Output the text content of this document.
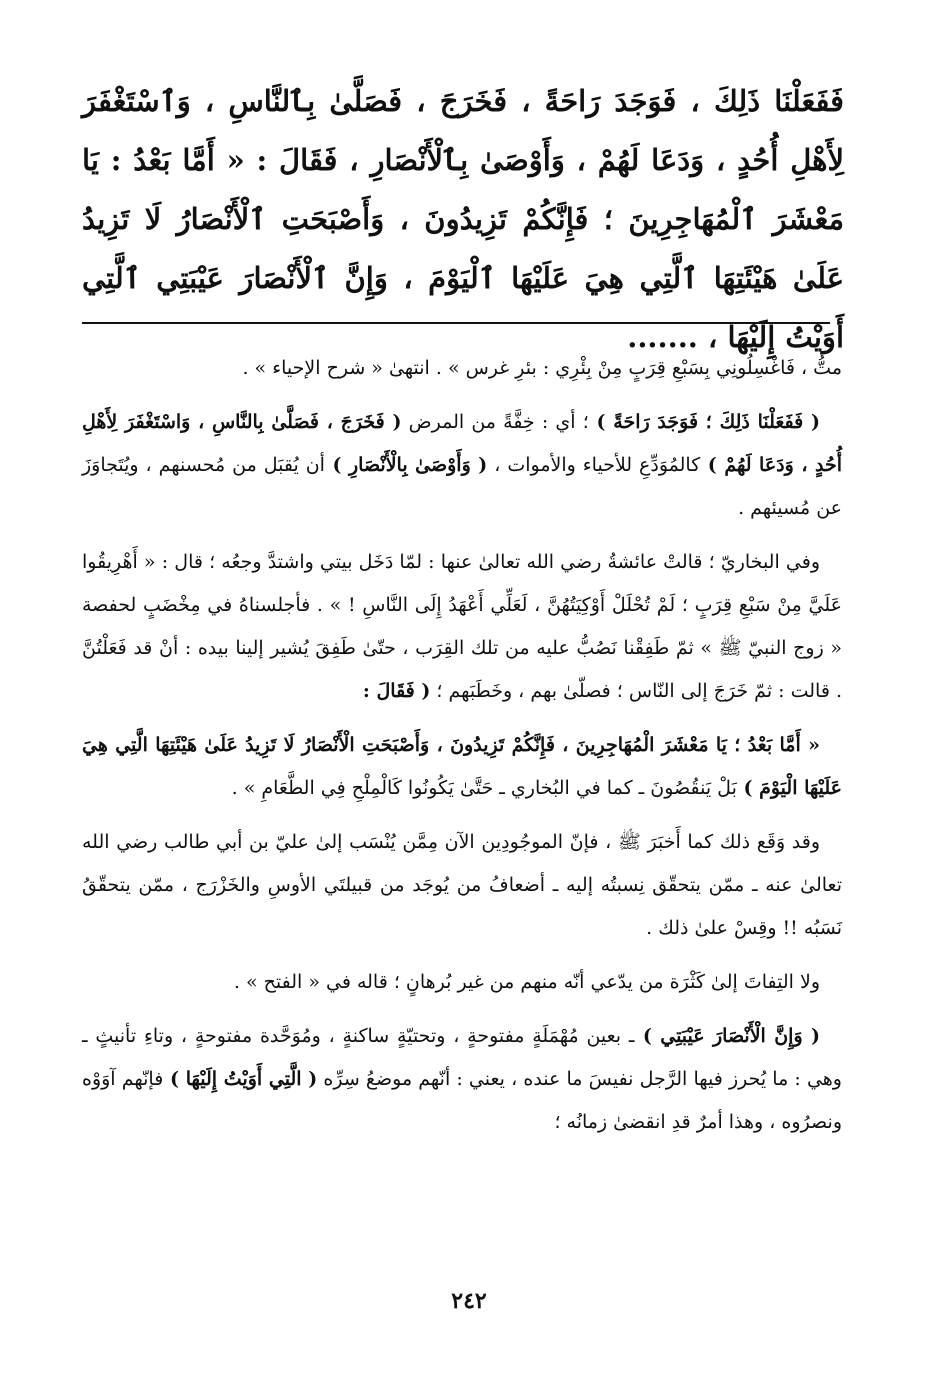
فَفَعَلْنَا ذَلِكَ ، فَوَجَدَ رَاحَةً ، فَخَرَجَ ، فَصَلَّىٰ بِٱلنَّاسِ ، وَٱسْتَغْفَرَ لِأَهْلِ أُحُدٍ ، وَدَعَا لَهُمْ ، وَأَوْصَىٰ بِٱلْأَنْصَارِ ، فَقَالَ : « أَمَّا بَعْدُ : يَا مَعْشَرَ ٱلْمُهَاجِرِينَ ؛ فَإِنَّكُمْ تَزِيدُونَ ، وَأَصْبَحَتِ ٱلْأَنْصَارُ لَا تَزِيدُ عَلَىٰ هَيْئَتِهَا ٱلَّتِي هِيَ عَلَيْهَا ٱلْيَوْمَ ، وَإِنَّ ٱلْأَنْصَارَ عَيْبَتِي ٱلَّتِي أَوَيْتُ إِلَيْهَا ، .......

متُّ ، فَاغْسِلُونِي بِسَبْعِ قِرَبٍ مِنْ بِئْرِي : بئرِ غرس » . انتهىٰ « شرح الإحياء » .

( فَفَعَلْنَا ذَلِكَ ؛ فَوَجَدَ رَاحَةً ) ؛ أي : خِفَّةً من المرض ( فَخَرَجَ ، فَصَلَّىٰ بِالنَّاسِ ، وَاسْتَغْفَرَ لِأَهْلِ أُحُدٍ ، وَدَعَا لَهُمْ ) كالمُوَدِّعِ للأحياء والأموات ، ( وَأَوْصَىٰ بِالْأَنْصَارِ ) أن يُقبَل من مُحسنهم ، ويُتَجاوَزَ عن مُسيئهم .

وفي البخاريّ ؛ قالتْ عائشةُ رضي الله تعالىٰ عنها : لمّا دَخَل بيتي واشتدَّ وجعُه ؛ قال : « أَهْرِيقُوا عَلَيَّ مِنْ سَبْعِ قِرَبٍ ؛ لَمْ تُحْلَلْ أَوْكِيَتُهُنَّ ، لَعَلِّي أَعْهَدُ إِلَى النَّاسِ ! » . فأجلسناهُ في مِخْضَبٍ لحفصة « زوج النبيّ ﷺ » ثمّ طَفِقْنا نَصُبُّ عليه من تلك القِرَب ، حتّىٰ طَفِقَ يُشير إلينا بيده : أنْ قد فَعَلْتُنَّ . قالت : ثمّ خَرَجَ إلى النّاس ؛ فصلّىٰ بهم ، وخَطَبَهم ؛ ( فَقَالَ :

« أَمَّا بَعْدُ ؛ يَا مَعْشَرَ الْمُهَاجِرِينَ ، فَإِنَّكُمْ تَزِيدُونَ ، وَأَصْبَحَتِ الْأَنْصَارُ لَا تَزِيدُ عَلَىٰ هَيْئَتِهَا الَّتِي هِيَ عَلَيْهَا الْيَوْمَ ) بَلْ يَنقُصُونَ ـ كما في البُخاري ـ حَتَّىٰ يَكُونُوا كَالْمِلْحِ فِي الطَّعَامِ » .

وقد وَقَع ذلك كما أَخبَرَ ﷺ ، فإنّ الموجُودِين الآن مِمَّن يُنْسَب إلىٰ عليّ بن أبي طالب رضي الله تعالىٰ عنه ـ ممّن يتحقّق نِسبتُه إليه ـ أضعافُ من يُوجَد من قبيلتَي الأوسِ والخَزْرَج ، ممّن يتحقّقُ نَسَبُه !! وقِسْ علىٰ ذلك .

ولا التِفاتَ إلىٰ كَثْرَة من يدّعي أنّه منهم من غير بُرهانٍ ؛ قاله في « الفتح » .

( وَإِنَّ الْأَنْصَارَ عَيْبَتِي ) ـ بعين مُهْمَلَةٍ مفتوحةٍ ، وتحتيّةٍ ساكنةٍ ، ومُوَحَّدة مفتوحةٍ ، وتاءِ تأنيثٍ ـ وهي : ما يُحرز فيها الرَّجل نفيسَ ما عنده ، يعني : أنّهم موضعُ سِرِّه ( الَّتِي أَوَيْتُ إِلَيْهَا ) فإنّهم آوَوْه ونصرُوه ، وهذا أمرٌ قدِ انقضىٰ زمانُه ؛

٢٤٢
